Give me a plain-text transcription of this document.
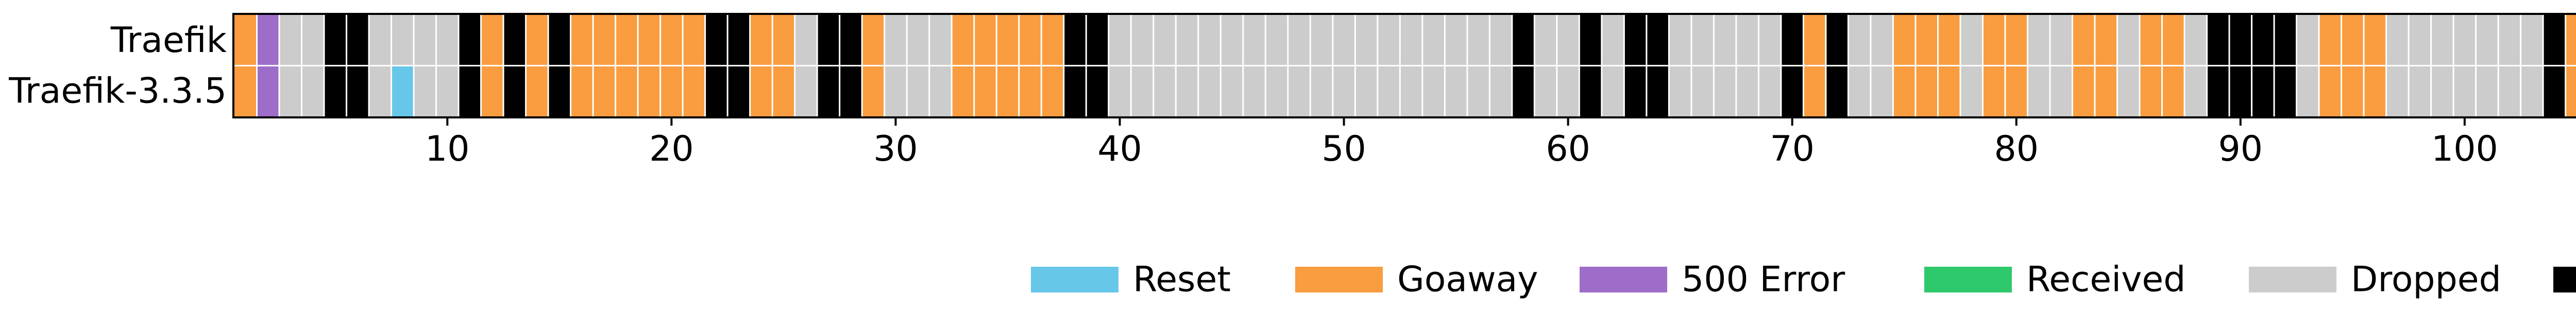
Traefik
Traefik-3.3.5
10	20	30	40	50	60	70	80	90	100
Reset	Goaway	500 Error	Received	Dropped
